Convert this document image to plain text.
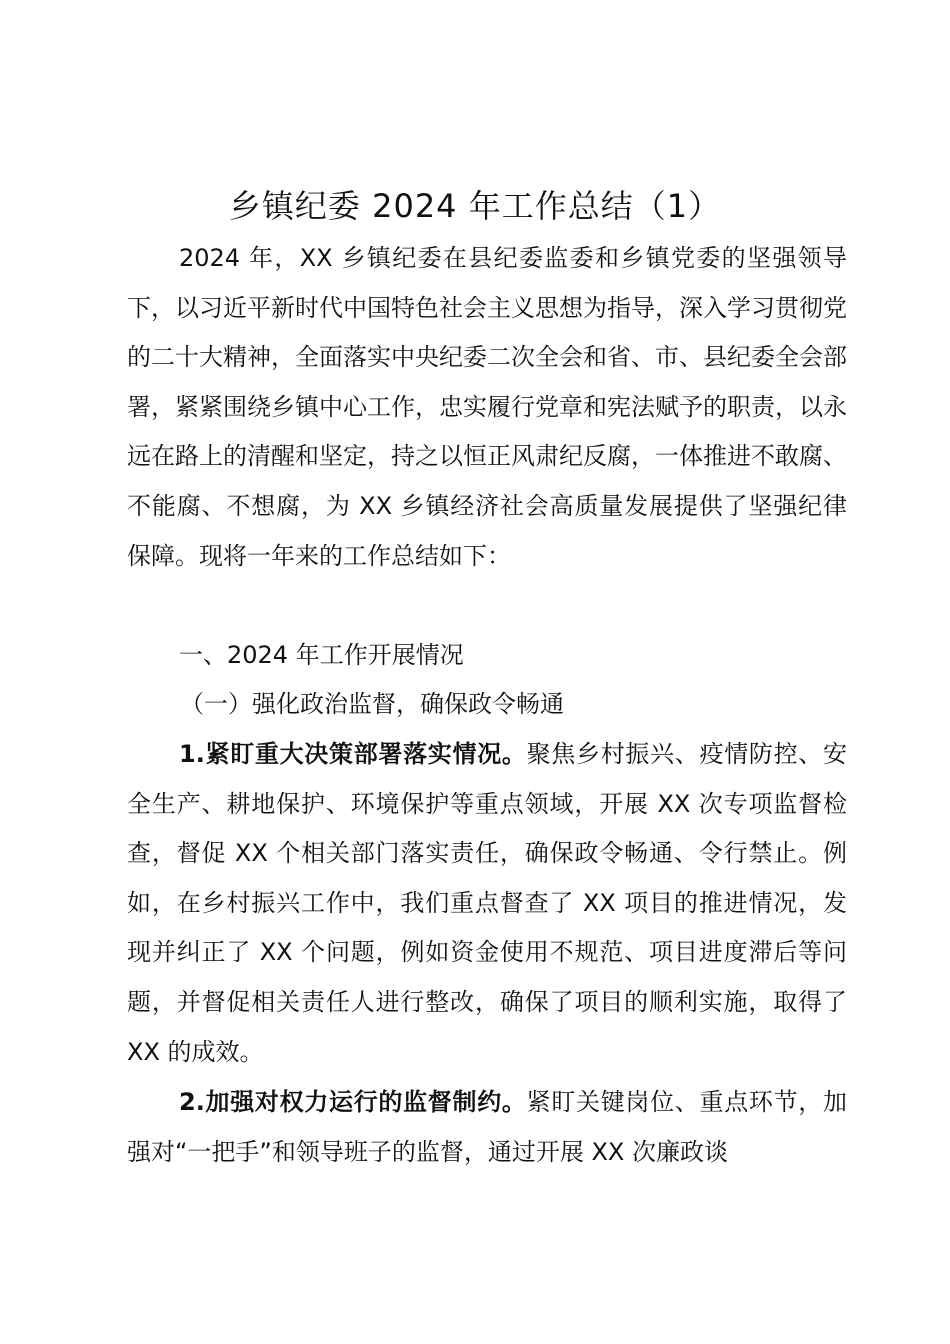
乡镇纪委 2024 年工作总结（1）

2024 年，XX 乡镇纪委在县纪委监委和乡镇党委的坚强领导下，以习近平新时代中国特色社会主义思想为指导，深入学习贯彻党的二十大精神，全面落实中央纪委二次全会和省、市、县纪委全会部署，紧紧围绕乡镇中心工作，忠实履行党章和宪法赋予的职责，以永远在路上的清醒和坚定，持之以恒正风肃纪反腐，一体推进不敢腐、不能腐、不想腐，为 XX 乡镇经济社会高质量发展提供了坚强纪律保障。现将一年来的工作总结如下：

一、2024 年工作开展情况

（一）强化政治监督，确保政令畅通

1.紧盯重大决策部署落实情况。聚焦乡村振兴、疫情防控、安全生产、耕地保护、环境保护等重点领域，开展 XX 次专项监督检查，督促 XX 个相关部门落实责任，确保政令畅通、令行禁止。例如，在乡村振兴工作中，我们重点督查了 XX 项目的推进情况，发现并纠正了 XX 个问题，例如资金使用不规范、项目进度滞后等问题，并督促相关责任人进行整改，确保了项目的顺利实施，取得了 XX 的成效。

2.加强对权力运行的监督制约。紧盯关键岗位、重点环节，加强对“一把手”和领导班子的监督，通过开展 XX 次廉政谈
